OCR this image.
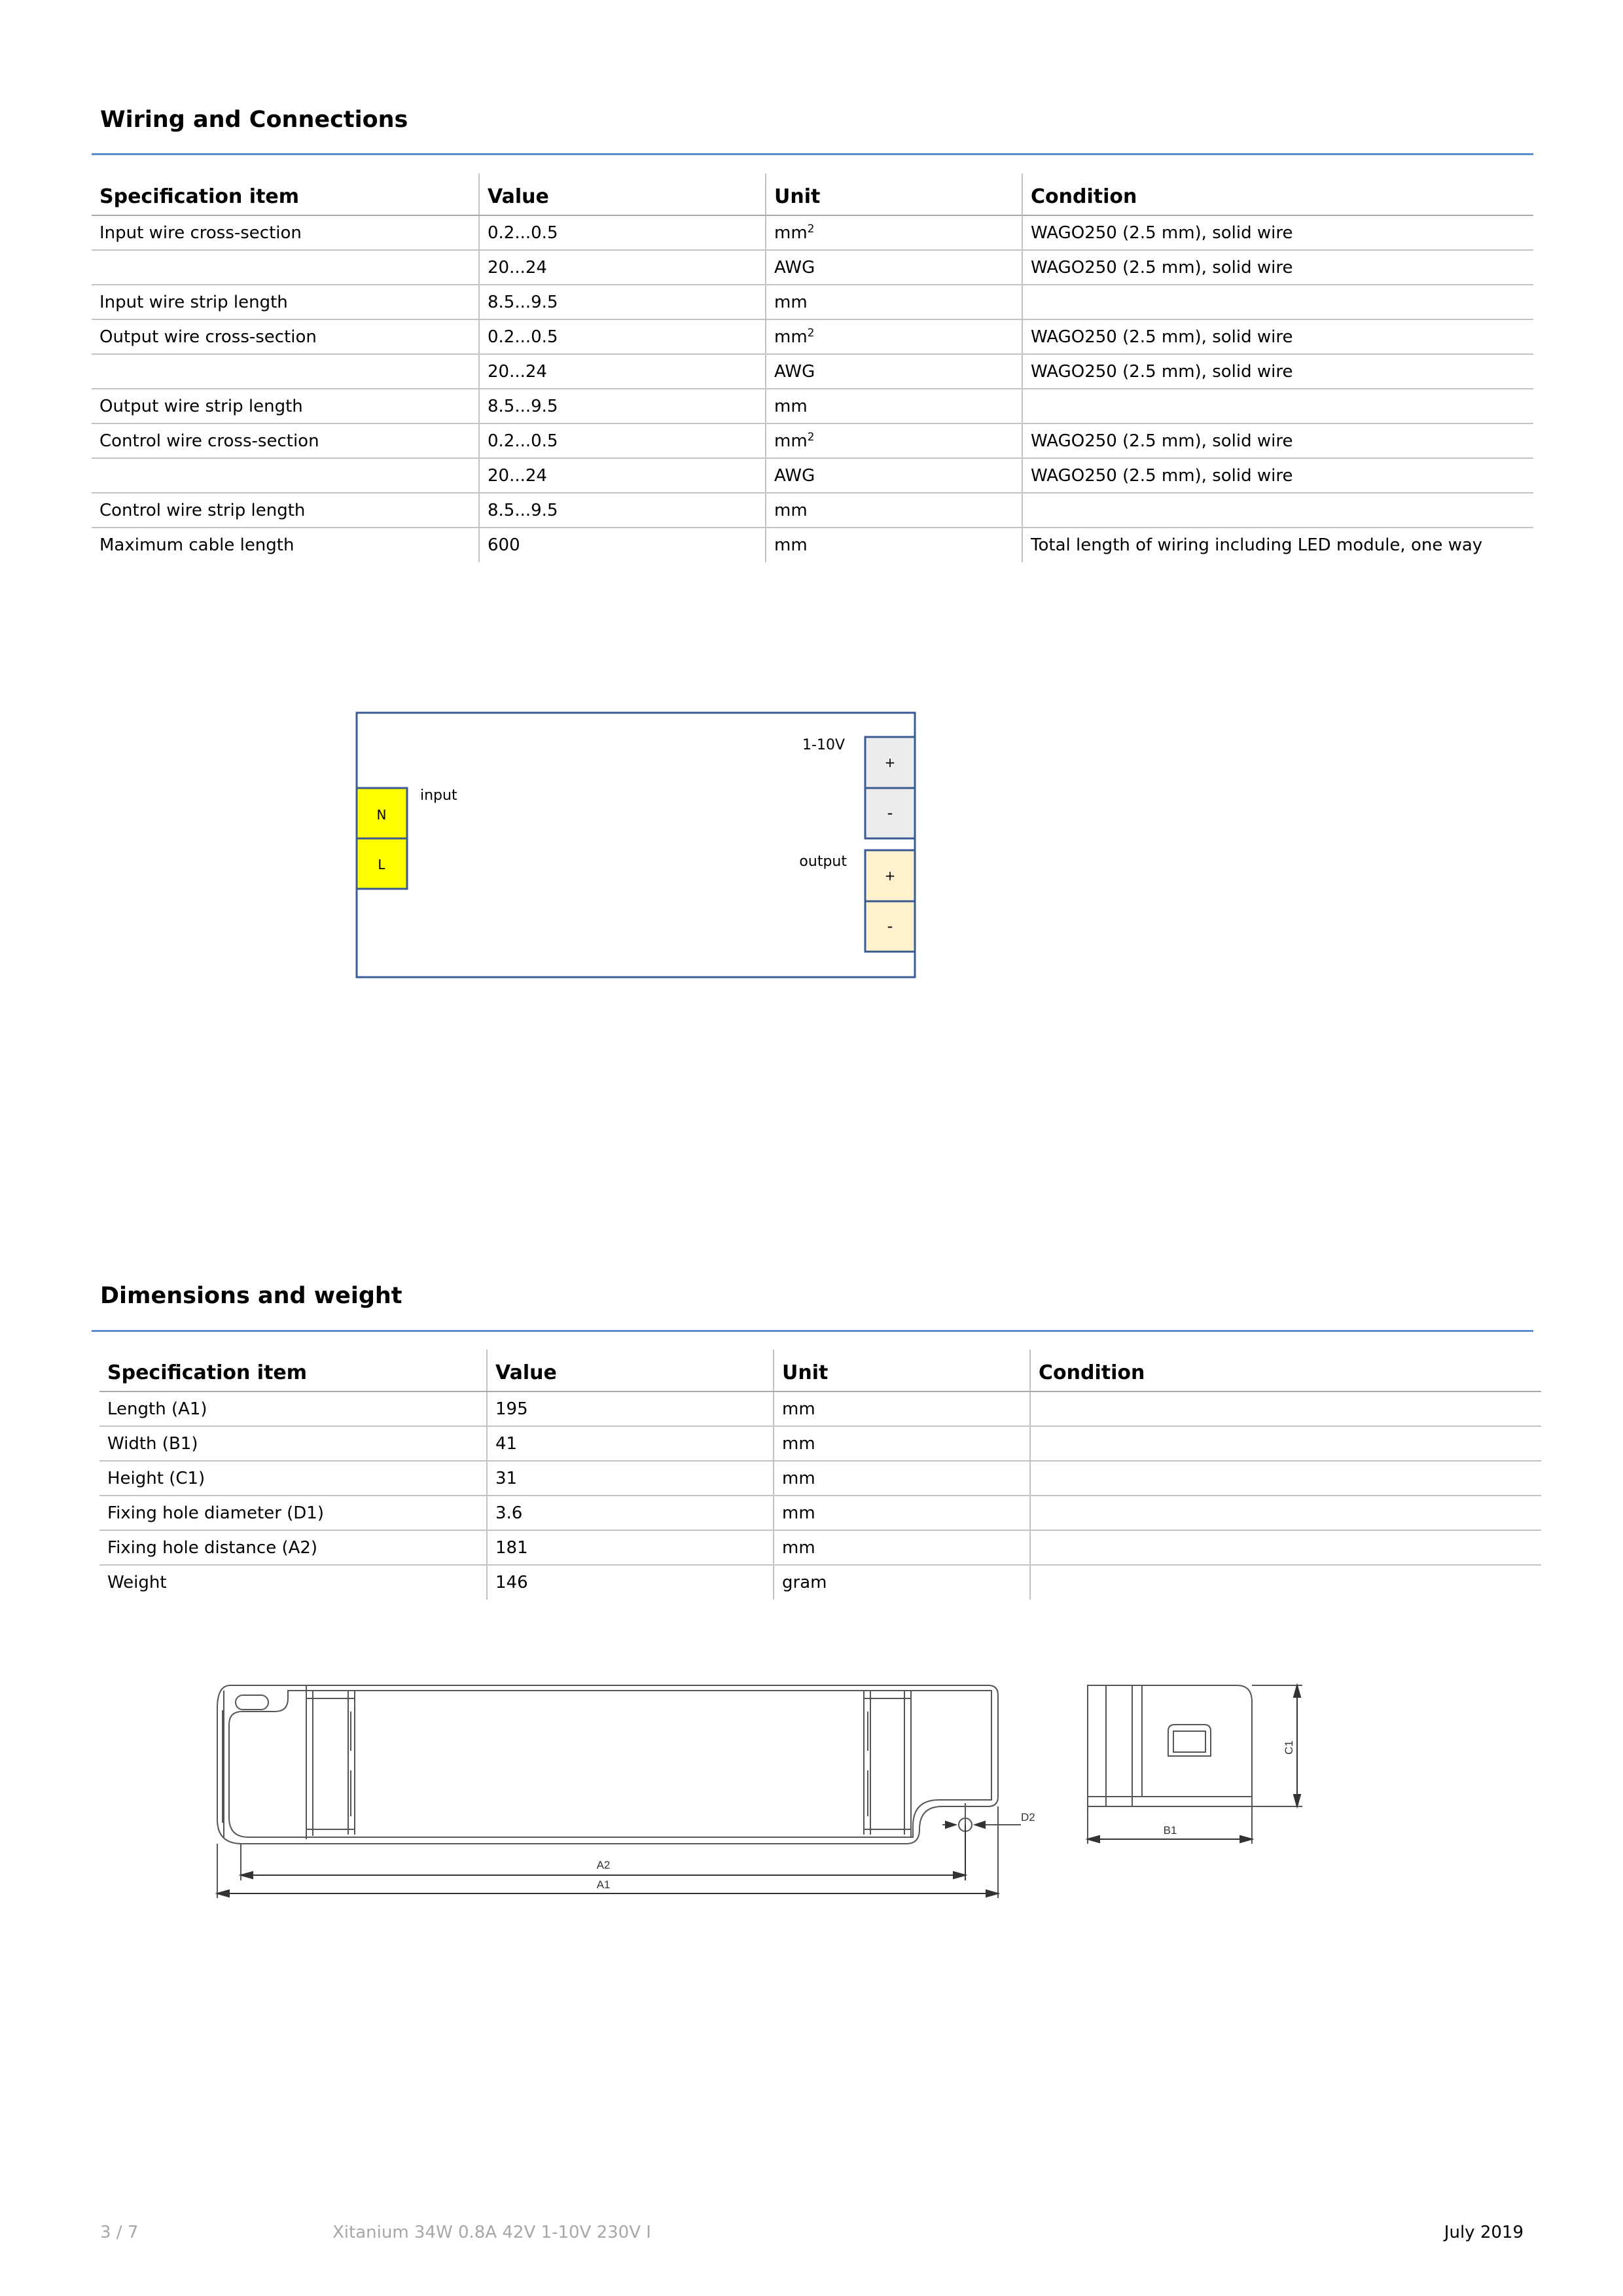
Wiring and Connections
Specification item	Value	Unit	Condition
Input wire cross-section	0.2...0.5	$mm^2$	WAGO250 (2.5 mm), solid wire
	20...24	AWG	WAGO250 (2.5 mm), solid wire
Input wire strip length	8.5...9.5	mm	
Output wire cross-section	0.2...0.5	$mm^2$	WAGO250 (2.5 mm), solid wire
	20...24	AWG	WAGO250 (2.5 mm), solid wire
Output wire strip length	8.5...9.5	mm	
Control wire cross-section	0.2...0.5	$mm^2$	WAGO250 (2.5 mm), solid wire
	20...24	AWG	WAGO250 (2.5 mm), solid wire
Control wire strip length	8.5...9.5	mm	
Maximum cable length	600	mm	Total length of wiring including LED module, one way
N
L
input
1-10V
+
-
output
+
-
Dimensions and weight
Specification item	Value	Unit	Condition
Length (A1)	195	mm	
Width (B1)	41	mm	
Height (C1)	31	mm	
Fixing hole diameter (D1)	3.6	mm	
Fixing hole distance (A2)	181	mm	
Weight	146	gram	
A2
A1
D2
B1
C1
3 / 7	Xitanium 34W 0.8A 42V 1-10V 230V I	July 2019
